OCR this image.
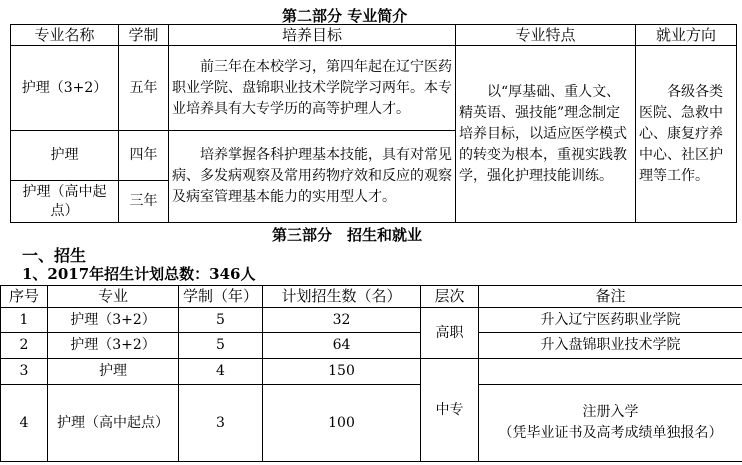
第二部分 专业简介
专业名称	学制	培养目标	专业特点	就业方向
护理（3+2）	五年	前三年在本校学习，第四年起在辽宁医药职业学院、盘锦职业技术学院学习两年。本专业培养具有大专学历的高等护理人才。	以“厚基础、重人文、精英语、强技能”理念制定培养目标，以适应医学模式的转变为根本，重视实践教学，强化护理技能训练。	各级各类医院、急救中心、康复疗养中心、社区护理等工作。
护理	四年	培养掌握各科护理基本技能，具有对常见病、多发病观察及常用药物疗效和反应的观察及病室管理基本能力的实用型人才。		
护理（高中起点）	三年			
第三部分　招生和就业
一、招生
1、2017年招生计划总数：346人
序号	专业	学制（年）	计划招生数（名）	层次	备注
1	护理（3+2）	5	32	高职	升入辽宁医药职业学院
2	护理（3+2）	5	64		升入盘锦职业技术学院
3	护理	4	150	中专	
4	护理（高中起点）	3	100		注册入学
（凭毕业证书及高考成绩单独报名）
